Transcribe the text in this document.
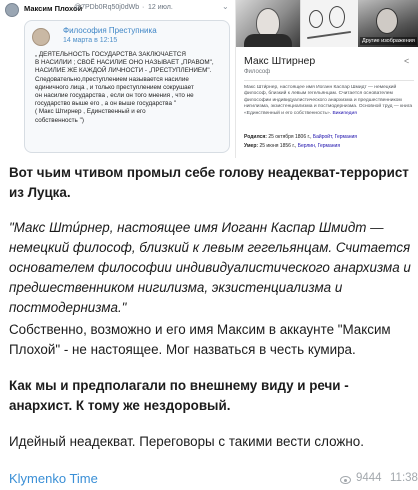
Максим Плохой
@7PDb0Rq50j0dWb · 12 июл.	⌄
Философия Преступника
14 марта в 12:15

„ ДЕЯТЕЛЬНОСТЬ ГОСУДАРСТВА ЗАКЛЮЧАЕТСЯ
В НАСИЛИИ ; СВОЁ НАСИЛИЕ ОНО НАЗЫВАЕТ „ПРАВОМ",
НАСИЛИЕ ЖЕ КАЖДОЙ ЛИЧНОСТИ - „ПРЕСТУПЛЕНИЕМ".
Следовательно,преступлением называется насилие
единичного лица , и только преступлением сокрушает
он насилие государства , если он того мнения , что не
государство выше его , а он выше государства "
( Макс Штирнер , Единственный и его
собственность ")

Другие изображения
Макс Штирнер	<
Философ
Макс Шти́рнер, настоящее имя Иоганн Каспар Шмидт — немецкий философ, близкий к левым гегельянцам. Считается основателем философии индивидуалистического анархизма и предшественником нигилизма, экзистенциализма и постмодернизма. Основной труд — книга «Единственный и его собственность». Википедия
Родился: 25 октября 1806 г., Байройт, Германия
Умер: 25 июня 1856 г., Берлин, Германия
Вот чьим чтивом промыл себе голову неадекват-террорист из Луцка.
"Макс Шти́рнер, настоящее имя Иоганн Каспар Шмидт — немецкий философ, близкий к левым гегельянцам. Считается основателем философии индивидуалистического анархизма и предшественником нигилизма, экзистенциализма и постмодернизма."
Собственно, возможно и его имя Максим в аккаунте "Максим Плохой" - не настоящее. Мог назваться в честь кумира.
Как мы и предполагали по внешнему виду и речи - анархист. К тому же нездоровый.
Идейный неадекват. Переговоры с такими вести сложно.
Klymenko Time	9444 11:38
